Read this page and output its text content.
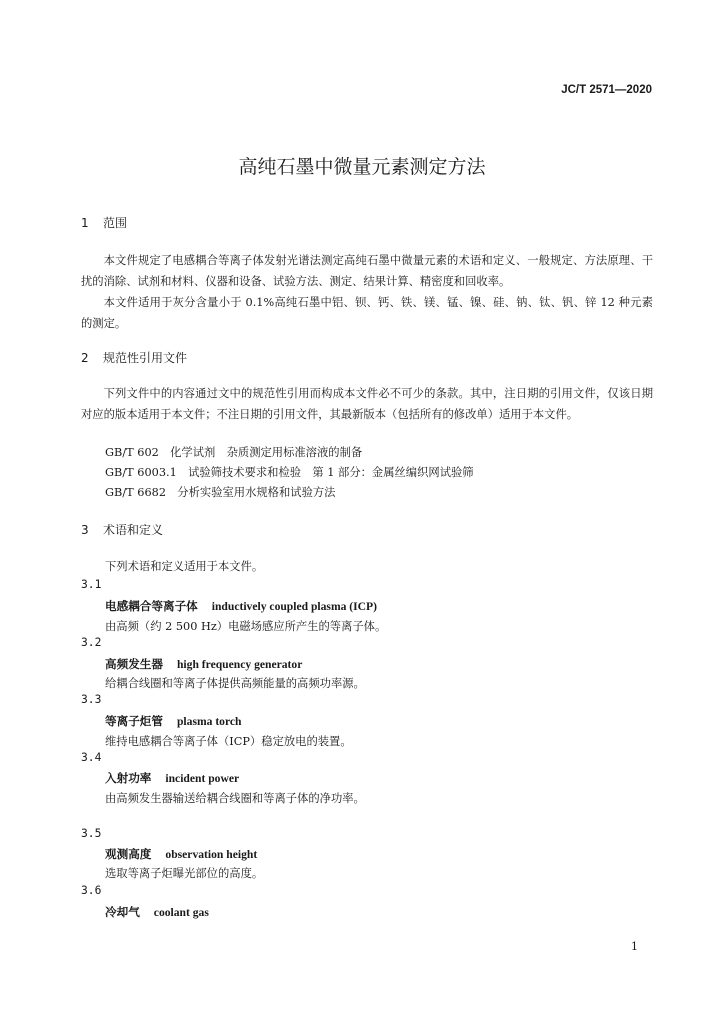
JC/T 2571—2020
高纯石墨中微量元素测定方法
1 范围
本文件规定了电感耦合等离子体发射光谱法测定高纯石墨中微量元素的术语和定义、一般规定、方法原理、干扰的消除、试剂和材料、仪器和设备、试验方法、测定、结果计算、精密度和回收率。
本文件适用于灰分含量小于 0.1%高纯石墨中铝、钡、钙、铁、镁、锰、镍、硅、钠、钛、钒、锌 12 种元素的测定。
2 规范性引用文件
下列文件中的内容通过文中的规范性引用而构成本文件必不可少的条款。其中，注日期的引用文件，仅该日期对应的版本适用于本文件；不注日期的引用文件，其最新版本（包括所有的修改单）适用于本文件。
GB/T 602　化学试剂　杂质测定用标准溶液的制备
GB/T 6003.1　试验筛技术要求和检验　第 1 部分：金属丝编织网试验筛
GB/T 6682　分析实验室用水规格和试验方法
3 术语和定义
下列术语和定义适用于本文件。
3.1
电感耦合等离子体 inductively coupled plasma (ICP)
由高频（约 2 500 Hz）电磁场感应所产生的等离子体。
3.2
高频发生器 high frequency generator
给耦合线圈和等离子体提供高频能量的高频功率源。
3.3
等离子炬管 plasma torch
维持电感耦合等离子体（ICP）稳定放电的装置。
3.4
入射功率 incident power
由高频发生器输送给耦合线圈和等离子体的净功率。
3.5
观测高度 observation height
选取等离子炬曝光部位的高度。
3.6
冷却气 coolant gas
1
